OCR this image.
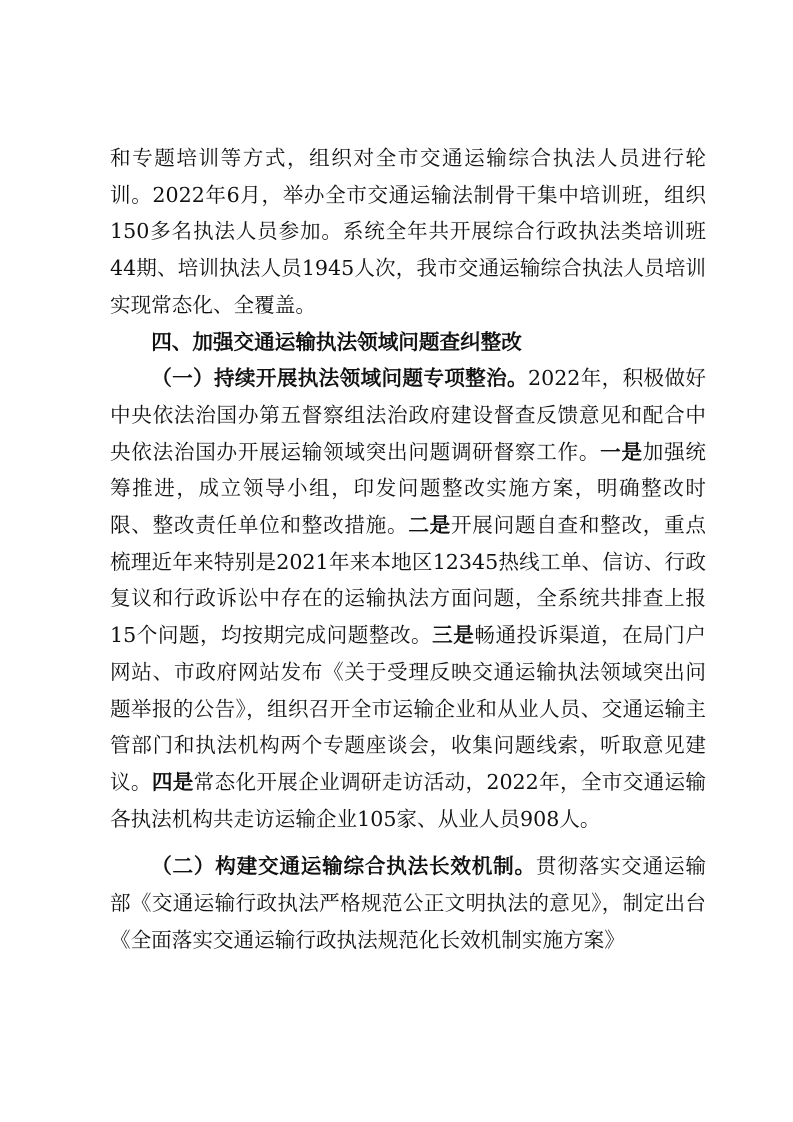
和专题培训等方式，组织对全市交通运输综合执法人员进行轮训。2022年6月，举办全市交通运输法制骨干集中培训班，组织150多名执法人员参加。系统全年共开展综合行政执法类培训班44期、培训执法人员1945人次，我市交通运输综合执法人员培训实现常态化、全覆盖。

四、加强交通运输执法领域问题查纠整改

（一）持续开展执法领域问题专项整治。2022年，积极做好中央依法治国办第五督察组法治政府建设督查反馈意见和配合中央依法治国办开展运输领域突出问题调研督察工作。一是加强统筹推进，成立领导小组，印发问题整改实施方案，明确整改时限、整改责任单位和整改措施。二是开展问题自查和整改，重点梳理近年来特别是2021年来本地区12345热线工单、信访、行政复议和行政诉讼中存在的运输执法方面问题，全系统共排查上报15个问题，均按期完成问题整改。三是畅通投诉渠道，在局门户网站、市政府网站发布《关于受理反映交通运输执法领域突出问题举报的公告》，组织召开全市运输企业和从业人员、交通运输主管部门和执法机构两个专题座谈会，收集问题线索，听取意见建议。四是常态化开展企业调研走访活动，2022年，全市交通运输各执法机构共走访运输企业105家、从业人员908人。

（二）构建交通运输综合执法长效机制。贯彻落实交通运输部《交通运输行政执法严格规范公正文明执法的意见》，制定出台《全面落实交通运输行政执法规范化长效机制实施方案》
